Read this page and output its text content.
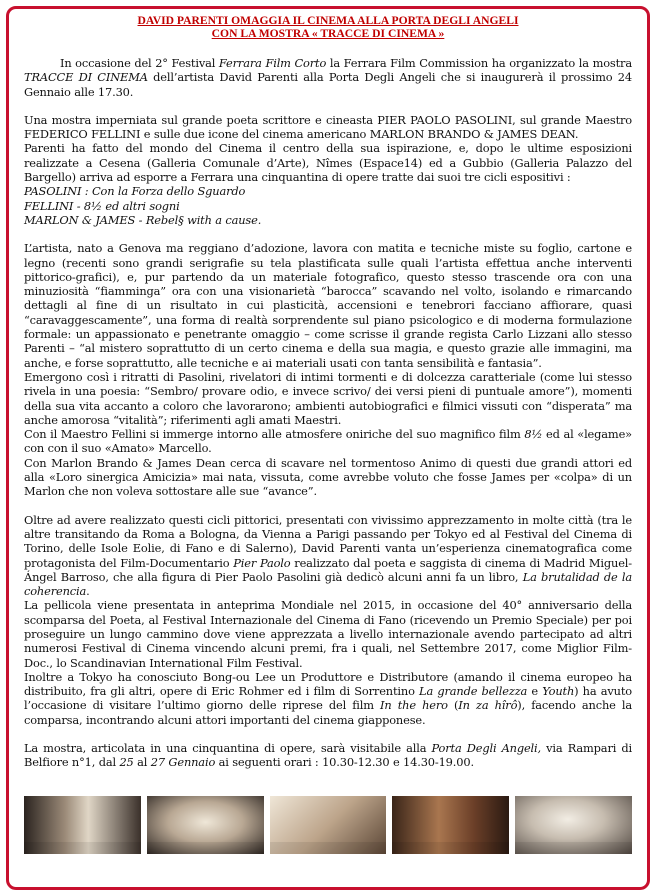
DAVID PARENTI OMAGGIA IL CINEMA ALLA PORTA DEGLI ANGELI
CON LA MOSTRA « TRACCE DI CINEMA »

In occasione del 2° Festival Ferrara Film Corto la Ferrara Film Commission ha organizzato la mostra TRACCE DI CINEMA dell’artista David Parenti alla Porta Degli Angeli che si inaugurerà il prossimo 24 Gennaio alle 17.30.

Una mostra imperniata sul grande poeta scrittore e cineasta PIER PAOLO PASOLINI, sul grande Maestro FEDERICO FELLINI e sulle due icone del cinema americano MARLON BRANDO & JAMES DEAN.

Parenti ha fatto del mondo del Cinema il centro della sua ispirazione, e, dopo le ultime esposizioni realizzate a Cesena (Galleria Comunale d’Arte), Nîmes (Espace14) ed a Gubbio (Galleria Palazzo del Bargello) arriva ad esporre a Ferrara una cinquantina di opere tratte dai suoi tre cicli espositivi :

PASOLINI : Con la Forza dello Sguardo

FELLINI - 8½ ed altri sogni

MARLON & JAMES - Rebel§ with a cause.

L’artista, nato a Genova ma reggiano d’adozione, lavora con matita e tecniche miste su foglio, cartone e legno (recenti sono grandi serigrafie su tela plastificata sulle quali l’artista effettua anche interventi pittorico-grafici), e, pur partendo da un materiale fotografico, questo stesso trascende ora con una minuziosità “fiamminga” ora con una visionarietà “barocca” scavando nel volto, isolando e rimarcando dettagli al fine di un risultato in cui plasticità, accensioni e tenebrori facciano affiorare, quasi “caravaggescamente”, una forma di realtà sorprendente sul piano psicologico e di moderna formulazione formale: un appassionato e penetrante omaggio – come scrisse il grande regista Carlo Lizzani allo stesso Parenti – “al mistero soprattutto di un certo cinema e della sua magia, e questo grazie alle immagini, ma anche, e forse soprattutto, alle tecniche e ai materiali usati con tanta sensibilità e fantasia”.

Emergono così i ritratti di Pasolini, rivelatori di intimi tormenti e di dolcezza caratteriale (come lui stesso rivela in una poesia: “Sembro/ provare odio, e invece scrivo/ dei versi pieni di puntuale amore”), momenti della sua vita accanto a coloro che lavorarono; ambienti autobiografici e filmici vissuti con “disperata” ma anche amorosa “vitalità”; riferimenti agli amati Maestri.

Con il Maestro Fellini si immerge intorno alle atmosfere oniriche del suo magnifico film 8½ ed al «legame» con con il suo «Amato» Marcello.

Con Marlon Brando & James Dean cerca di scavare nel tormentoso Animo di questi due grandi attori ed alla «Loro sinergica Amicizia» mai nata, vissuta, come avrebbe voluto che fosse James per «colpa» di un Marlon che non voleva sottostare alle sue “avance”.

Oltre ad avere realizzato questi cicli pittorici, presentati con vivissimo apprezzamento in molte città (tra le altre transitando da Roma a Bologna, da Vienna a Parigi passando per Tokyo ed al Festival del Cinema di Torino, delle Isole Eolie, di Fano e di Salerno), David Parenti vanta un’esperienza cinematografica come protagonista del Film-Documentario Pier Paolo realizzato dal poeta e saggista di cinema di Madrid Miguel-Ángel Barroso, che alla figura di Pier Paolo Pasolini già dedicò alcuni anni fa un libro, La brutalidad de la coherencia.

La pellicola viene presentata in anteprima Mondiale nel 2015, in occasione del 40° anniversario della scomparsa del Poeta, al Festival Internazionale del Cinema di Fano (ricevendo un Premio Speciale) per poi proseguire un lungo cammino dove viene apprezzata a livello internazionale avendo partecipato ad altri numerosi Festival di Cinema vincendo alcuni premi, fra i quali, nel Settembre 2017, come Miglior Film-Doc., lo Scandinavian International Film Festival.

Inoltre a Tokyo ha conosciuto Bong-ou Lee un Produttore e Distributore (amando il cinema europeo ha distribuito, fra gli altri, opere di Eric Rohmer ed i film di Sorrentino La grande bellezza e Youth) ha avuto l’occasione di visitare l’ultimo giorno delle riprese del film In the hero (In za hîrô), facendo anche la comparsa, incontrando alcuni attori importanti del cinema giapponese.

La mostra, articolata in una cinquantina di opere, sarà visitabile alla Porta Degli Angeli, via Rampari di Belfiore n°1, dal 25 al 27 Gennaio ai seguenti orari : 10.30-12.30 e 14.30-19.00.
